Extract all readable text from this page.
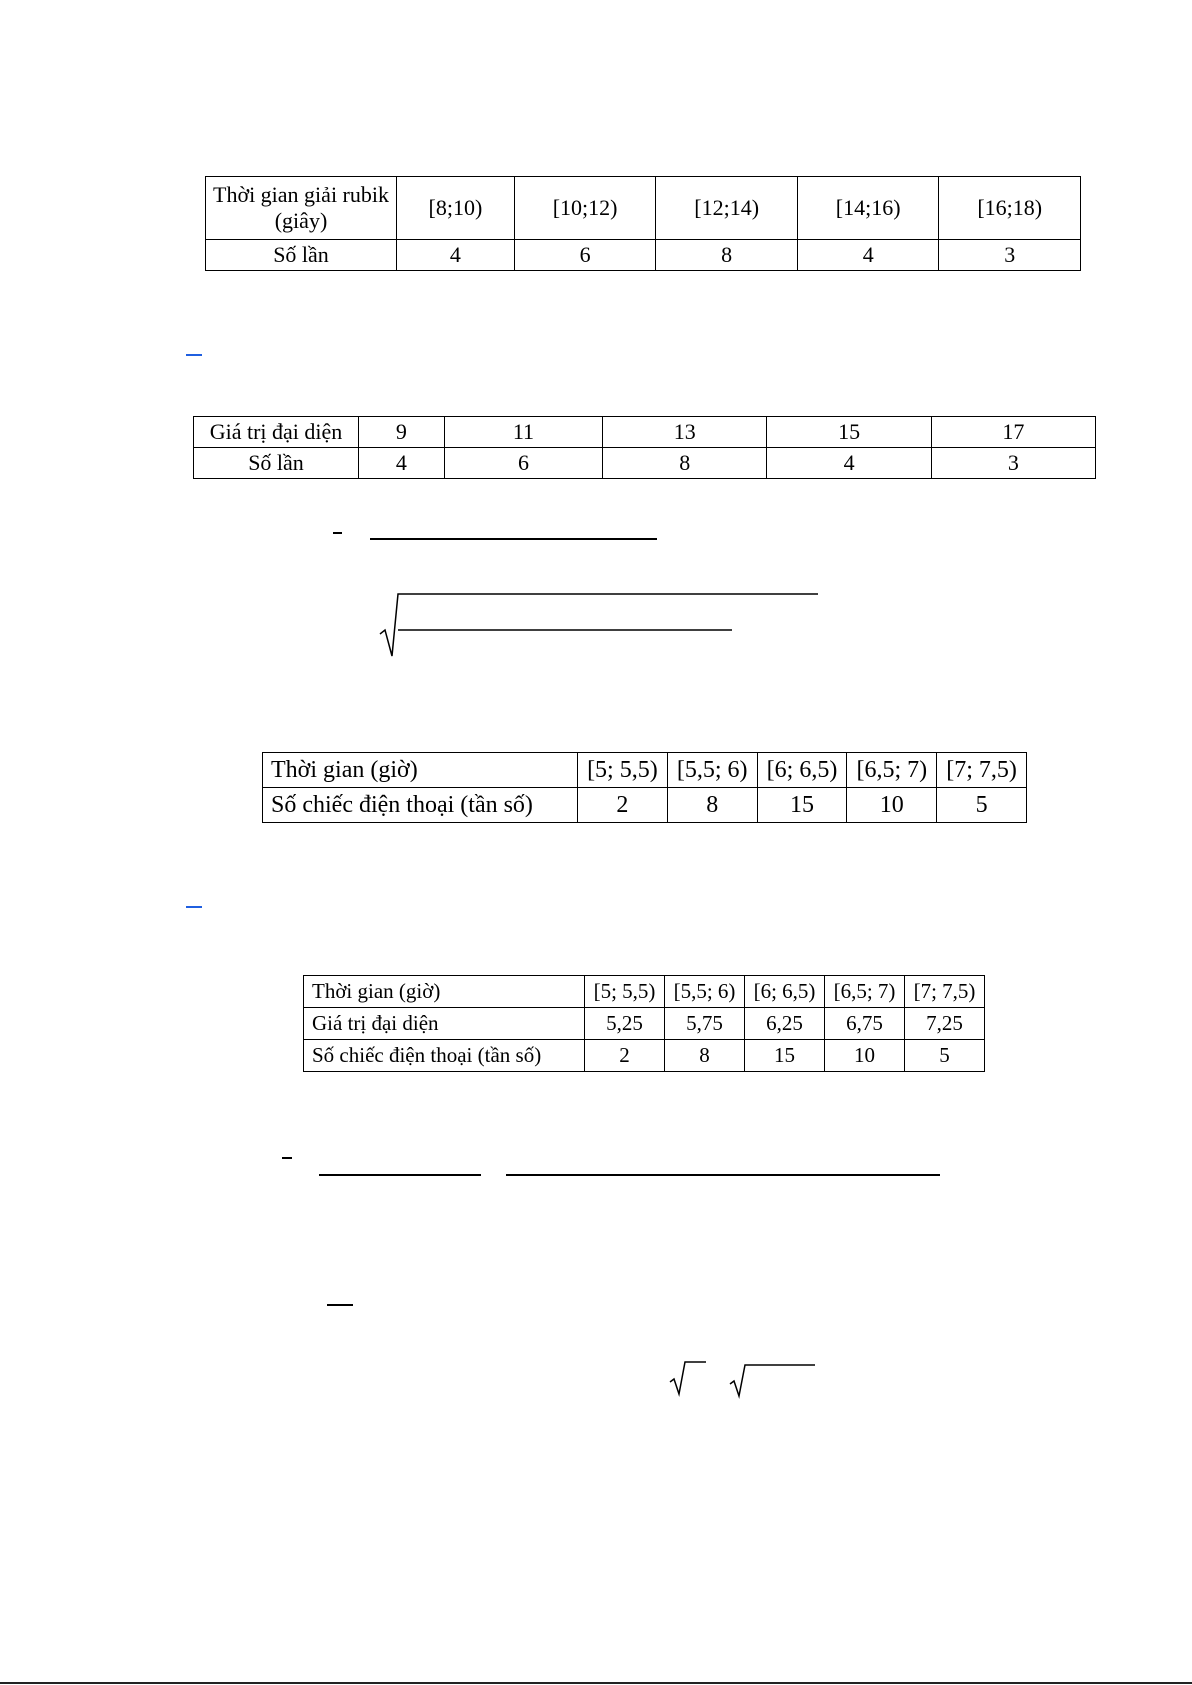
Thời gian giải rubik (giây)	[8;10)	[10;12)	[12;14)	[14;16)	[16;18)
Số lần	4	6	8	4	3
Giá trị đại diện	9	11	13	15	17
Số lần	4	6	8	4	3
Thời gian (giờ)	[5; 5,5)	[5,5; 6)	[6; 6,5)	[6,5; 7)	[7; 7,5)
Số chiếc điện thoại (tần số)	2	8	15	10	5
Thời gian (giờ)	[5; 5,5)	[5,5; 6)	[6; 6,5)	[6,5; 7)	[7; 7,5)
Giá trị đại diện	5,25	5,75	6,25	6,75	7,25
Số chiếc điện thoại (tần số)	2	8	15	10	5
